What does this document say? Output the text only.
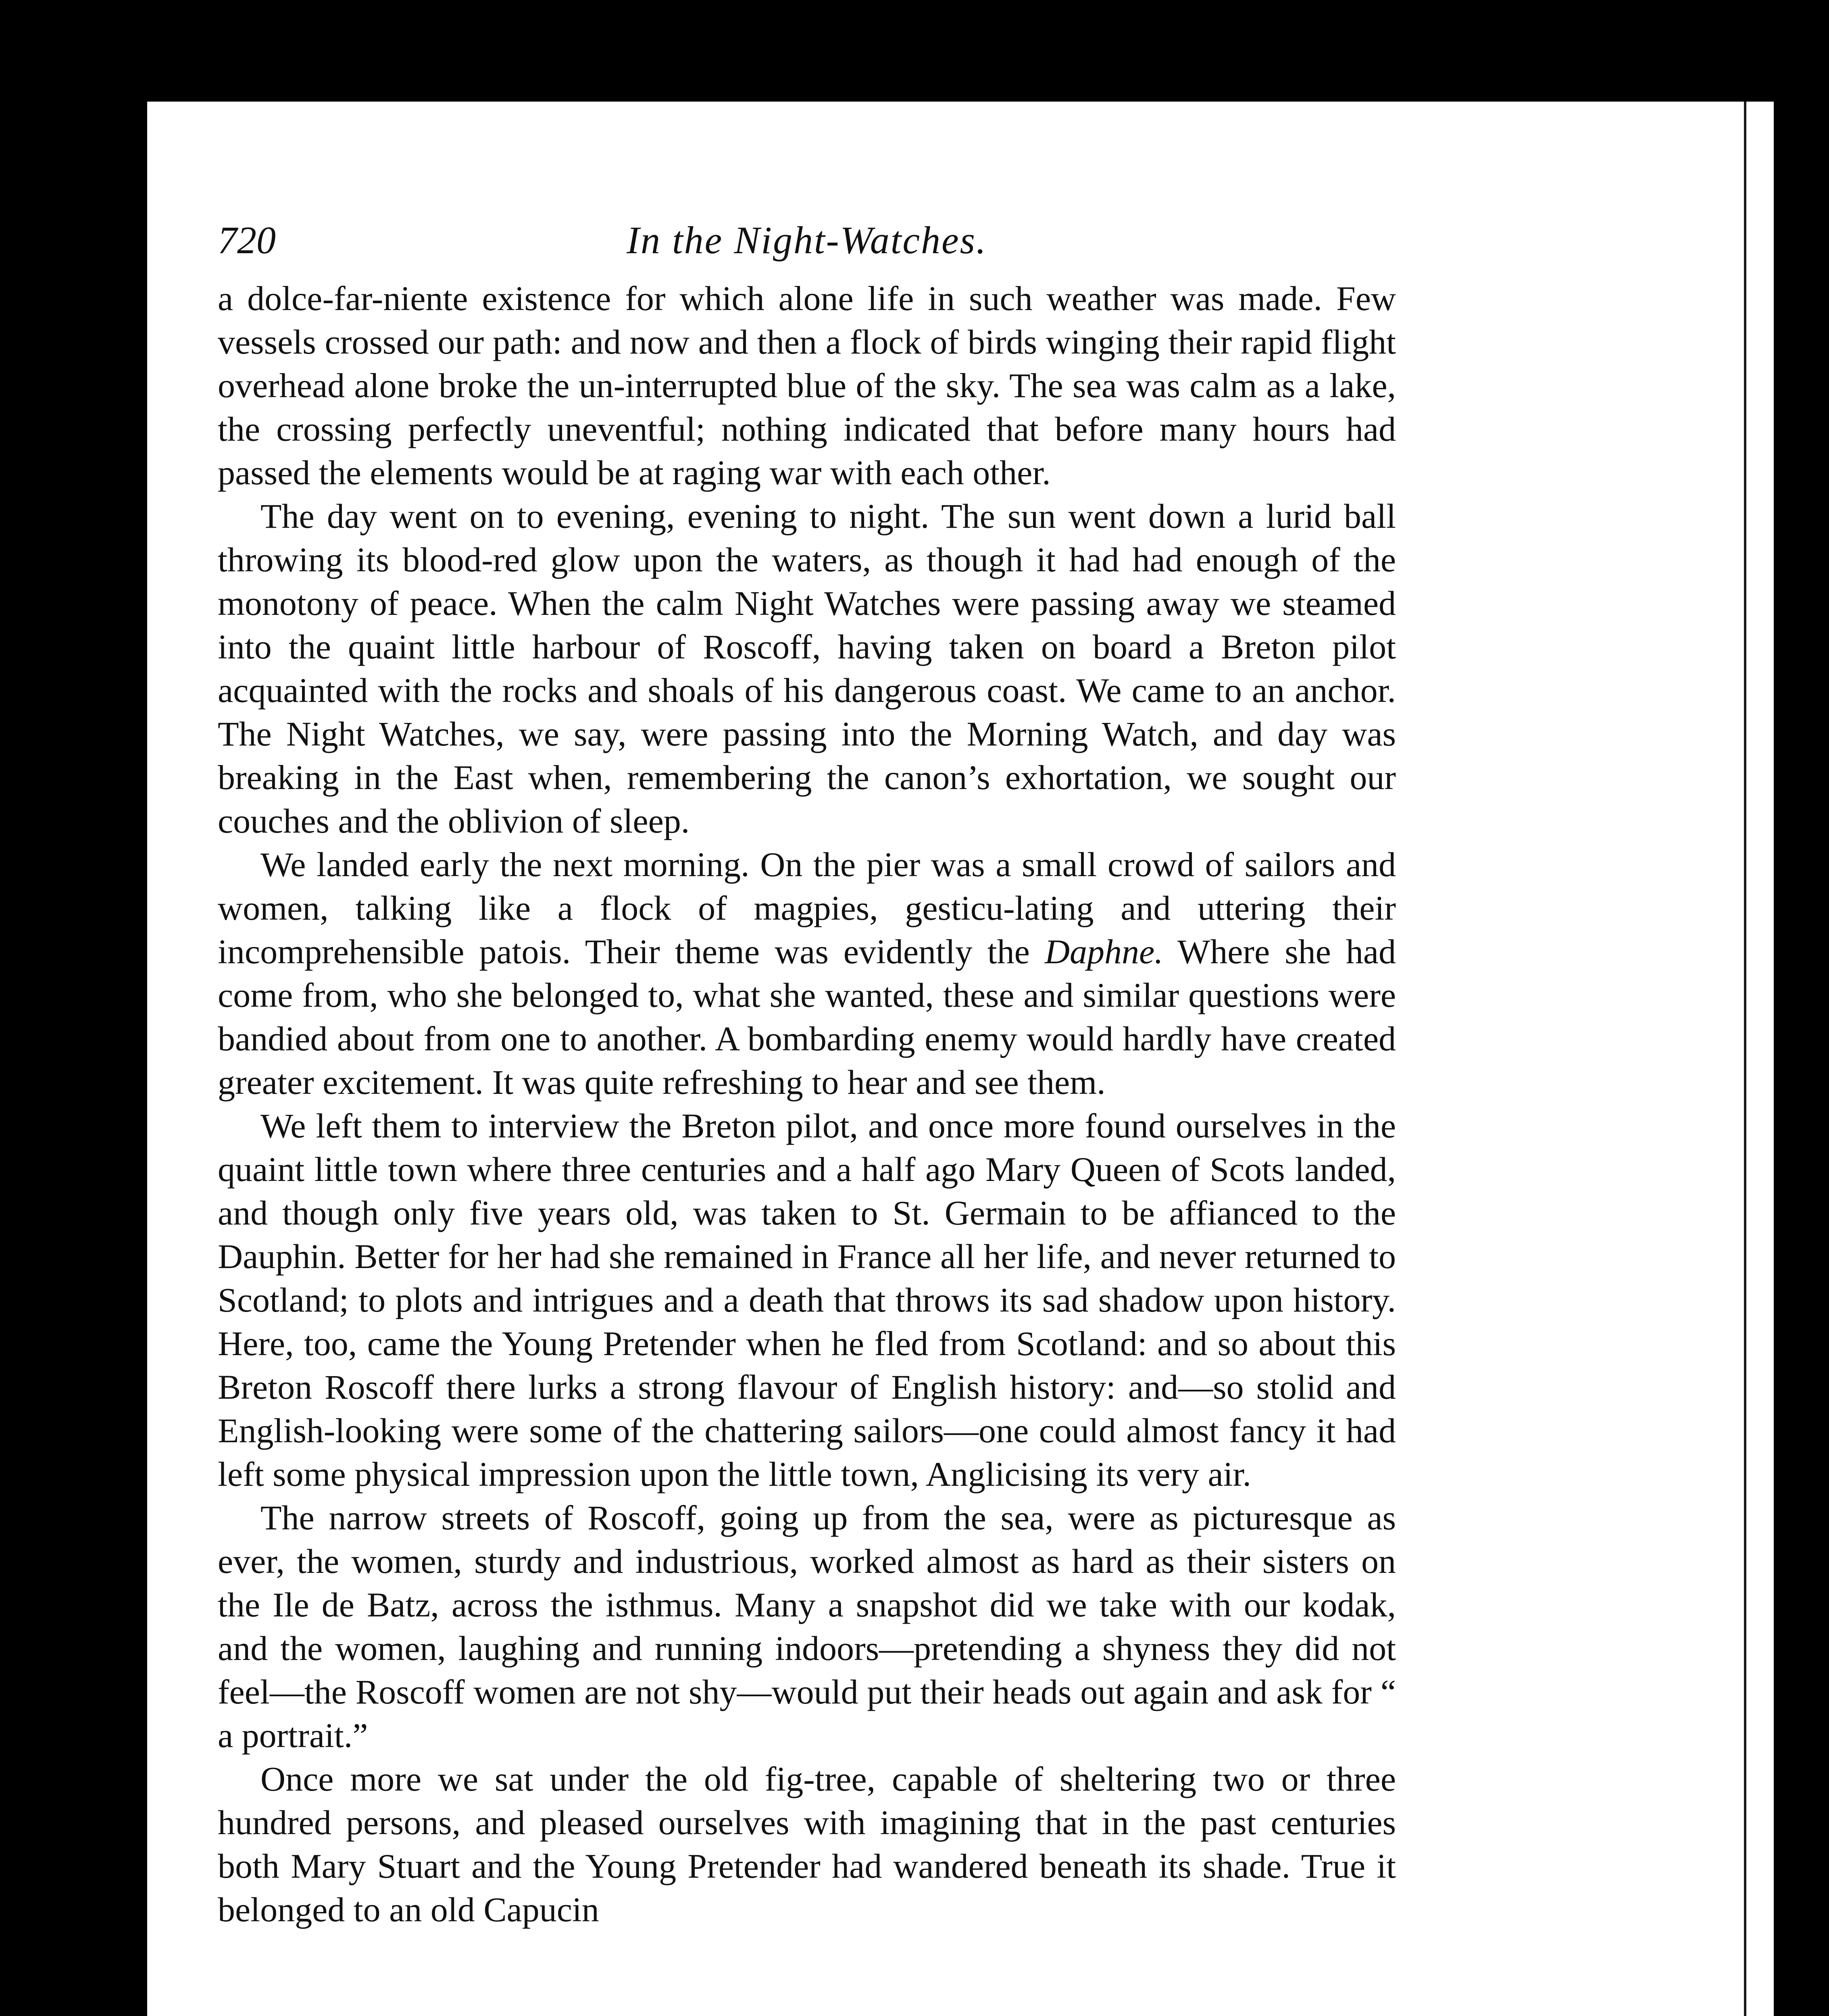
720	In the Night-Watches.

a dolce-far-niente existence for which alone life in such weather was made. Few vessels crossed our path: and now and then a flock of birds winging their rapid flight overhead alone broke the un-interrupted blue of the sky. The sea was calm as a lake, the crossing perfectly uneventful; nothing indicated that before many hours had passed the elements would be at raging war with each other.

The day went on to evening, evening to night. The sun went down a lurid ball throwing its blood-red glow upon the waters, as though it had had enough of the monotony of peace. When the calm Night Watches were passing away we steamed into the quaint little harbour of Roscoff, having taken on board a Breton pilot acquainted with the rocks and shoals of his dangerous coast. We came to an anchor. The Night Watches, we say, were passing into the Morning Watch, and day was breaking in the East when, remembering the canon’s exhortation, we sought our couches and the oblivion of sleep.

We landed early the next morning. On the pier was a small crowd of sailors and women, talking like a flock of magpies, gesticu-lating and uttering their incomprehensible patois. Their theme was evidently the Daphne. Where she had come from, who she belonged to, what she wanted, these and similar questions were bandied about from one to another. A bombarding enemy would hardly have created greater excitement. It was quite refreshing to hear and see them.

We left them to interview the Breton pilot, and once more found ourselves in the quaint little town where three centuries and a half ago Mary Queen of Scots landed, and though only five years old, was taken to St. Germain to be affianced to the Dauphin. Better for her had she remained in France all her life, and never returned to Scotland; to plots and intrigues and a death that throws its sad shadow upon history. Here, too, came the Young Pretender when he fled from Scotland: and so about this Breton Roscoff there lurks a strong flavour of English history: and—so stolid and English-looking were some of the chattering sailors—one could almost fancy it had left some physical impression upon the little town, Anglicising its very air.

The narrow streets of Roscoff, going up from the sea, were as picturesque as ever, the women, sturdy and industrious, worked almost as hard as their sisters on the Ile de Batz, across the isthmus. Many a snapshot did we take with our kodak, and the women, laughing and running indoors—pretending a shyness they did not feel—the Roscoff women are not shy—would put their heads out again and ask for “ a portrait.”

Once more we sat under the old fig-tree, capable of sheltering two or three hundred persons, and pleased ourselves with imagining that in the past centuries both Mary Stuart and the Young Pretender had wandered beneath its shade. True it belonged to an old Capucin
